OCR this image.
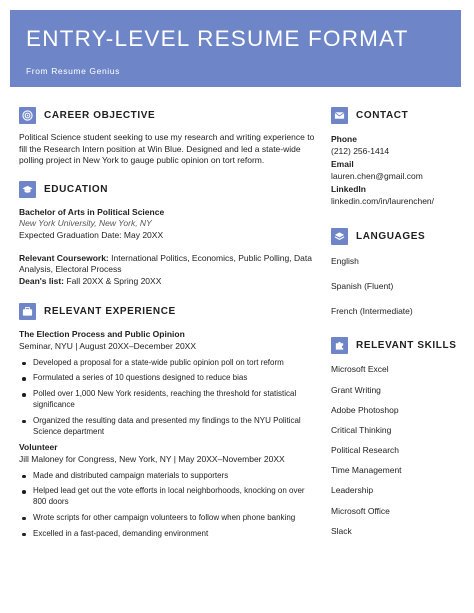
ENTRY-LEVEL RESUME FORMAT
From Resume Genius
CAREER OBJECTIVE
Political Science student seeking to use my research and writing experience to fill the Research Intern position at Win Blue. Designed and led a state-wide polling project in New York to gauge public opinion on tort reform.
EDUCATION
Bachelor of Arts in Political Science
New York University, New York, NY
Expected Graduation Date: May 20XX
Relevant Coursework: International Politics, Economics, Public Polling, Data Analysis, Electoral Process
Dean's list: Fall 20XX & Spring 20XX
RELEVANT EXPERIENCE
The Election Process and Public Opinion
Seminar, NYU | August 20XX–December 20XX
Developed a proposal for a state-wide public opinion poll on tort reform
Formulated a series of 10 questions designed to reduce bias
Polled over 1,000 New York residents, reaching the threshold for statistical significance
Organized the resulting data and presented my findings to the NYU Political Science department
Volunteer
Jill Maloney for Congress, New York, NY | May 20XX–November 20XX
Made and distributed campaign materials to supporters
Helped lead get out the vote efforts in local neighborhoods, knocking on over 800 doors
Wrote scripts for other campaign volunteers to follow when phone banking
Excelled in a fast-paced, demanding environment
CONTACT
Phone
(212) 256-1414
Email
lauren.chen@gmail.com
LinkedIn
linkedin.com/in/laurenchen/
LANGUAGES
English
Spanish (Fluent)
French (Intermediate)
RELEVANT SKILLS
Microsoft Excel
Grant Writing
Adobe Photoshop
Critical Thinking
Political Research
Time Management
Leadership
Microsoft Office
Slack
